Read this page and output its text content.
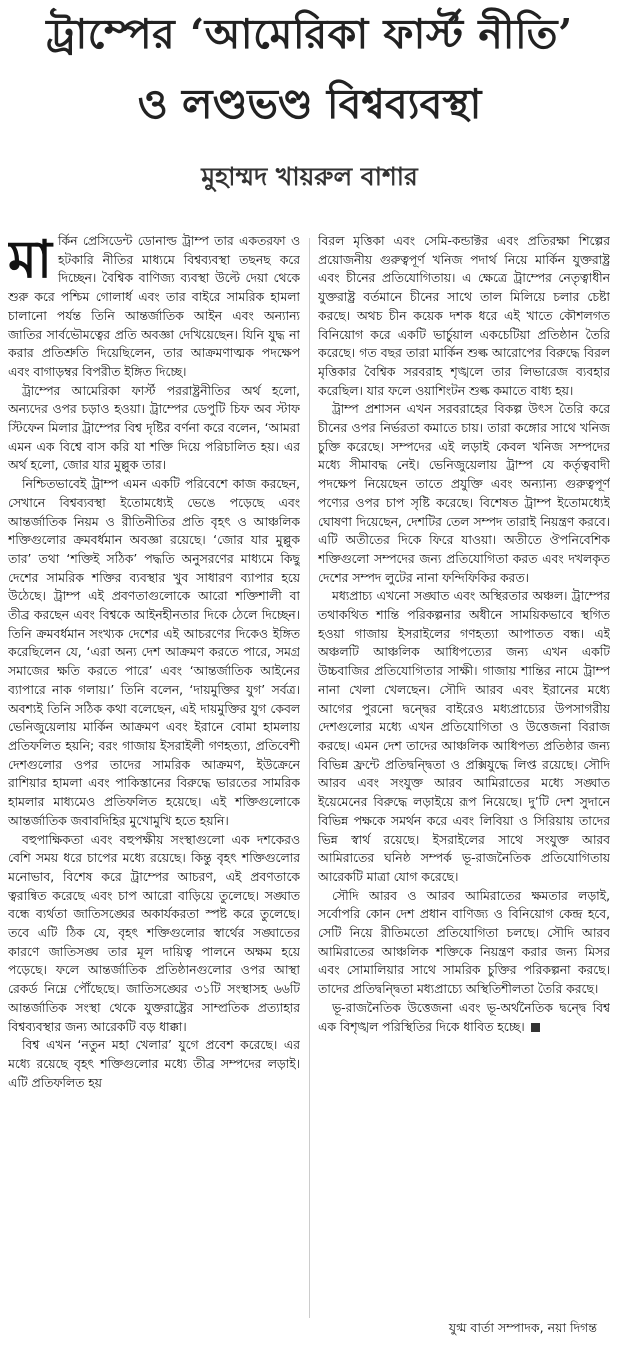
ট্রাম্পের ‘আমেরিকা ফার্স্ট নীতি’
ও লণ্ডভণ্ড বিশ্বব্যবস্থা
মুহাম্মদ খায়রুল বাশার

মার্কিন প্রেসিডেন্ট ডোনাল্ড ট্রাম্প তার একতরফা ও হটকারি নীতির মাধ্যমে বিশ্বব্যবস্থা তছনছ করে দিচ্ছেন। বৈশ্বিক বাণিজ্য ব্যবস্থা উল্টে দেয়া থেকে শুরু করে পশ্চিম গোলার্ধ এবং তার বাইরে সামরিক হামলা চালানো পর্যন্ত তিনি আন্তর্জাতিক আইন এবং অন্যান্য জাতির সার্বভৌমত্বের প্রতি অবজ্ঞা দেখিয়েছেন। যিনি যুদ্ধ না করার প্রতিশ্রুতি দিয়েছিলেন, তার আক্রমণাত্মক পদক্ষেপ এবং বাগাড়ম্বর বিপরীত ইঙ্গিত দিচ্ছে।

ট্রাম্পের আমেরিকা ফার্স্ট পররাষ্ট্রনীতির অর্থ হলো, অন্যদের ওপর চড়াও হওয়া। ট্রাম্পের ডেপুটি চিফ অব স্টাফ স্টিফেন মিলার ট্রাম্পের বিশ্ব দৃষ্টির বর্ণনা করে বলেন, ‘আমরা এমন এক বিশ্বে বাস করি যা শক্তি দিয়ে পরিচালিত হয়। এর অর্থ হলো, জোর যার মুল্লুক তার।

নিশ্চিতভাবেই ট্রাম্প এমন একটি পরিবেশে কাজ করছেন, সেখানে বিশ্বব্যবস্থা ইতোমধ্যেই ভেঙে পড়েছে এবং আন্তর্জাতিক নিয়ম ও রীতিনীতির প্রতি বৃহৎ ও আঞ্চলিক শক্তিগুলোর ক্রমবর্ধমান অবজ্ঞা রয়েছে। ‘জোর যার মুল্লুক তার’ তথা ‘শক্তিই সঠিক’ পদ্ধতি অনুসরণের মাধ্যমে কিছু দেশের সামরিক শক্তির ব্যবস্থার খুব সাধারণ ব্যাপার হয়ে উঠেছে। ট্রাম্প এই প্রবণতাগুলোকে আরো শক্তিশালী বা তীব্র করছেন এবং বিশ্বকে আইনহীনতার দিকে ঠেলে দিচ্ছেন। তিনি ক্রমবর্ধমান সংখ্যক দেশের এই আচরণের দিকেও ইঙ্গিত করেছিলেন যে, ‘এরা অন্য দেশ আক্রমণ করতে পারে, সমগ্র সমাজের ক্ষতি করতে পারে’ এবং ‘আন্তর্জাতিক আইনের ব্যাপারে নাক গলায়।’ তিনি বলেন, ‘দায়মুক্তির যুগ’ সর্বত্র। অবশ্যই তিনি সঠিক কথা বলেছেন, এই দায়মুক্তির যুগ কেবল ভেনিজুয়েলায় মার্কিন আক্রমণ এবং ইরানে বোমা হামলায় প্রতিফলিত হয়নি; বরং গাজায় ইসরাইলী গণহত্যা, প্রতিবেশী দেশগুলোর ওপর তাদের সামরিক আক্রমণ, ইউক্রেনে রাশিয়ার হামলা এবং পাকিস্তানের বিরুদ্ধে ভারতের সামরিক হামলার মাধ্যমেও প্রতিফলিত হয়েছে। এই শক্তিগুলোকে আন্তর্জাতিক জবাবদিহির মুখোমুখি হতে হয়নি।

বহুপাক্ষিকতা এবং বহুপক্ষীয় সংস্থাগুলো এক দশকেরও বেশি সময় ধরে চাপের মধ্যে রয়েছে। কিন্তু বৃহৎ শক্তিগুলোর মনোভাব, বিশেষ করে ট্রাম্পের আচরণ, এই প্রবণতাকে ত্বরান্বিত করেছে এবং চাপ আরো বাড়িয়ে তুলেছে। সঙ্ঘাত বন্ধে ব্যর্থতা জাতিসঙ্ঘের অকার্যকরতা স্পষ্ট করে তুলেছে। তবে এটি ঠিক যে, বৃহৎ শক্তিগুলোর স্বার্থের সঙ্ঘাতের কারণে জাতিসঙ্ঘ তার মূল দায়িত্ব পালনে অক্ষম হয়ে পড়েছে। ফলে আন্তর্জাতিক প্রতিষ্ঠানগুলোর ওপর আস্থা রেকর্ড নিম্নে পৌঁছেছে। জাতিসঙ্ঘের ৩১টি সংস্থাসহ ৬৬টি আন্তর্জাতিক সংস্থা থেকে যুক্তরাষ্ট্রের সাম্প্রতিক প্রত্যাহার বিশ্বব্যবস্থার জন্য আরেকটি বড় ধাক্কা।

বিশ্ব এখন ‘নতুন মহা খেলার’ যুগে প্রবেশ করেছে। এর মধ্যে রয়েছে বৃহৎ শক্তিগুলোর মধ্যে তীব্র সম্পদের লড়াই। এটি প্রতিফলিত হয়

বিরল মৃত্তিকা এবং সেমি-কন্ডাক্টর এবং প্রতিরক্ষা শিল্পের প্রয়োজনীয় গুরুত্বপূর্ণ খনিজ পদার্থ নিয়ে মার্কিন যুক্তরাষ্ট্র এবং চীনের প্রতিযোগিতায়। এ ক্ষেত্রে ট্রাম্পের নেতৃত্বাধীন যুক্তরাষ্ট্র বর্তমানে চীনের সাথে তাল মিলিয়ে চলার চেষ্টা করছে। অথচ চীন কয়েক দশক ধরে এই খাতে কৌশলগত বিনিয়োগ করে একটি ভার্চুয়াল একচেটিয়া প্রতিষ্ঠান তৈরি করেছে। গত বছর তারা মার্কিন শুল্ক আরোপের বিরুদ্ধে বিরল মৃত্তিকার বৈশ্বিক সরবরাহ শৃঙ্খলে তার লিভারেজ ব্যবহার করেছিল। যার ফলে ওয়াশিংটন শুল্ক কমাতে বাধ্য হয়।

ট্রাম্প প্রশাসন এখন সরবরাহের বিকল্প উৎস তৈরি করে চীনের ওপর নির্ভরতা কমাতে চায়। তারা কঙ্গোর সাথে খনিজ চুক্তি করেছে। সম্পদের এই লড়াই কেবল খনিজ সম্পদের মধ্যে সীমাবদ্ধ নেই। ভেনিজুয়েলায় ট্রাম্প যে কর্তৃত্ববাদী পদক্ষেপ নিয়েছেন তাতে প্রযুক্তি এবং অন্যান্য গুরুত্বপূর্ণ পণ্যের ওপর চাপ সৃষ্টি করেছে। বিশেষত ট্রাম্প ইতোমধ্যেই ঘোষণা দিয়েছেন, দেশটির তেল সম্পদ তারাই নিয়ন্ত্রণ করবে। এটি অতীতের দিকে ফিরে যাওয়া। অতীতে ঔপনিবেশিক শক্তিগুলো সম্পদের জন্য প্রতিযোগিতা করত এবং দখলকৃত দেশের সম্পদ লুটের নানা ফন্দিফিকির করত।

মধ্যপ্রাচ্য এখনো সঙ্ঘাত এবং অস্থিরতার অঞ্চল। ট্রাম্পের তথাকথিত শান্তি পরিকল্পনার অধীনে সাময়িকভাবে স্থগিত হওয়া গাজায় ইসরাইলের গণহত্যা আপাতত বন্ধ। এই অঞ্চলটি আঞ্চলিক আধিপত্যের জন্য এখন একটি উচ্চবাজির প্রতিযোগিতার সাক্ষী। গাজায় শান্তির নামে ট্রাম্প নানা খেলা খেলছেন। সৌদি আরব এবং ইরানের মধ্যে আগের পুরনো দ্বন্দ্বের বাইরেও মধ্যপ্রাচ্যের উপসাগরীয় দেশগুলোর মধ্যে এখন প্রতিযোগিতা ও উত্তেজনা বিরাজ করছে। এমন দেশ তাদের আঞ্চলিক আধিপত্য প্রতিষ্ঠার জন্য বিভিন্ন ফ্রন্টে প্রতিদ্বন্দ্বিতা ও প্রক্সিযুদ্ধে লিপ্ত রয়েছে। সৌদি আরব এবং সংযুক্ত আরব আমিরাতের মধ্যে সঙ্ঘাত ইয়েমেনের বিরুদ্ধে লড়াইয়ে রূপ নিয়েছে। দু’টি দেশ সুদানে বিভিন্ন পক্ষকে সমর্থন করে এবং লিবিয়া ও সিরিয়ায় তাদের ভিন্ন স্বার্থ রয়েছে। ইসরাইলের সাথে সংযুক্ত আরব আমিরাতের ঘনিষ্ঠ সম্পর্ক ভূ-রাজনৈতিক প্রতিযোগিতায় আরেকটি মাত্রা যোগ করেছে।

সৌদি আরব ও আরব আমিরাতের ক্ষমতার লড়াই, সর্বোপরি কোন দেশ প্রধান বাণিজ্য ও বিনিয়োগ কেন্দ্র হবে, সেটি নিয়ে রীতিমতো প্রতিযোগিতা চলছে। সৌদি আরব আমিরাতের আঞ্চলিক শক্তিকে নিয়ন্ত্রণ করার জন্য মিসর এবং সোমালিয়ার সাথে সামরিক চুক্তির পরিকল্পনা করছে। তাদের প্রতিদ্বন্দ্বিতা মধ্যপ্রাচ্যে অস্থিতিশীলতা তৈরি করছে।

ভূ-রাজনৈতিক উত্তেজনা এবং ভূ-অর্থনৈতিক দ্বন্দ্বে বিশ্ব এক বিশৃঙ্খল পরিস্থিতির দিকে ধাবিত হচ্ছে।

যুগ্ম বার্তা সম্পাদক, নয়া দিগন্ত
